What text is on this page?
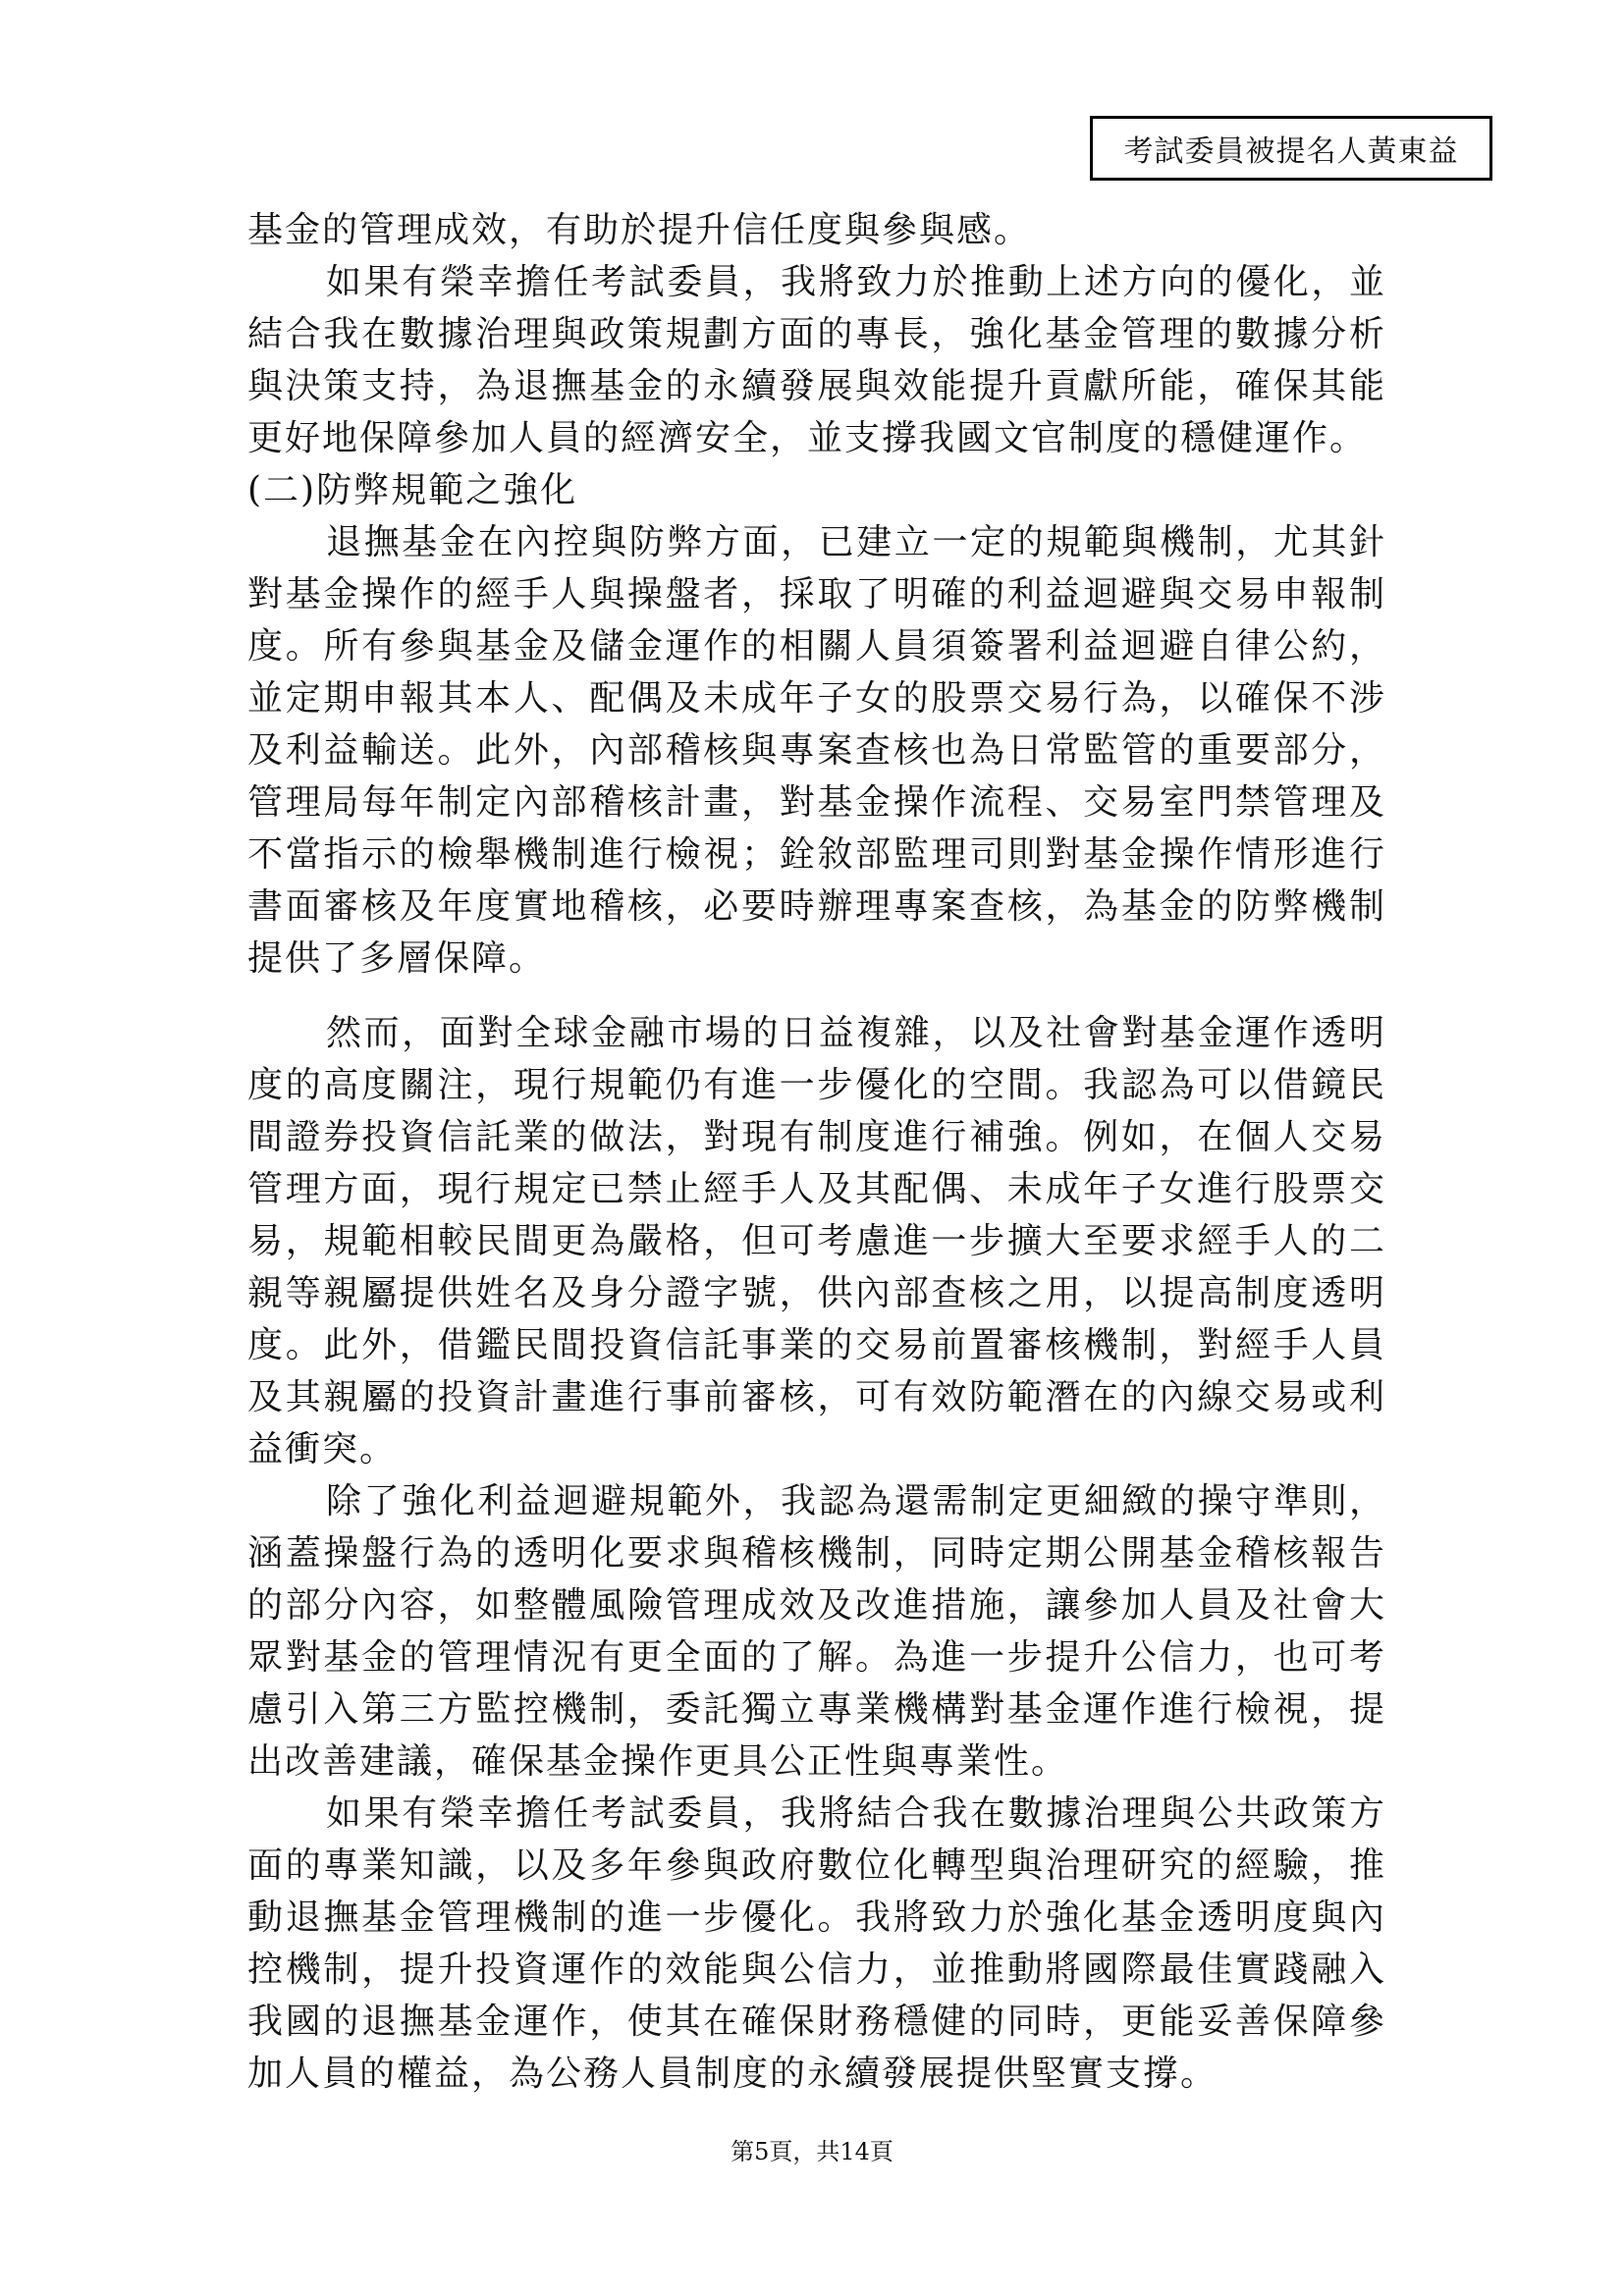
考試委員被提名人黃東益

基金的管理成效，有助於提升信任度與參與感。

如果有榮幸擔任考試委員，我將致力於推動上述方向的優化，並結合我在數據治理與政策規劃方面的專長，強化基金管理的數據分析與決策支持，為退撫基金的永續發展與效能提升貢獻所能，確保其能更好地保障參加人員的經濟安全，並支撐我國文官制度的穩健運作。

(二)防弊規範之強化

退撫基金在內控與防弊方面，已建立一定的規範與機制，尤其針對基金操作的經手人與操盤者，採取了明確的利益迴避與交易申報制度。所有參與基金及儲金運作的相關人員須簽署利益迴避自律公約，並定期申報其本人、配偶及未成年子女的股票交易行為，以確保不涉及利益輸送。此外，內部稽核與專案查核也為日常監管的重要部分，管理局每年制定內部稽核計畫，對基金操作流程、交易室門禁管理及不當指示的檢舉機制進行檢視；銓敘部監理司則對基金操作情形進行書面審核及年度實地稽核，必要時辦理專案查核，為基金的防弊機制提供了多層保障。

然而，面對全球金融市場的日益複雜，以及社會對基金運作透明度的高度關注，現行規範仍有進一步優化的空間。我認為可以借鏡民間證券投資信託業的做法，對現有制度進行補強。例如，在個人交易管理方面，現行規定已禁止經手人及其配偶、未成年子女進行股票交易，規範相較民間更為嚴格，但可考慮進一步擴大至要求經手人的二親等親屬提供姓名及身分證字號，供內部查核之用，以提高制度透明度。此外，借鑑民間投資信託事業的交易前置審核機制，對經手人員及其親屬的投資計畫進行事前審核，可有效防範潛在的內線交易或利益衝突。

除了強化利益迴避規範外，我認為還需制定更細緻的操守準則，涵蓋操盤行為的透明化要求與稽核機制，同時定期公開基金稽核報告的部分內容，如整體風險管理成效及改進措施，讓參加人員及社會大眾對基金的管理情況有更全面的了解。為進一步提升公信力，也可考慮引入第三方監控機制，委託獨立專業機構對基金運作進行檢視，提出改善建議，確保基金操作更具公正性與專業性。

如果有榮幸擔任考試委員，我將結合我在數據治理與公共政策方面的專業知識，以及多年參與政府數位化轉型與治理研究的經驗，推動退撫基金管理機制的進一步優化。我將致力於強化基金透明度與內控機制，提升投資運作的效能與公信力，並推動將國際最佳實踐融入我國的退撫基金運作，使其在確保財務穩健的同時，更能妥善保障參加人員的權益，為公務人員制度的永續發展提供堅實支撐。

第5頁，共14頁
